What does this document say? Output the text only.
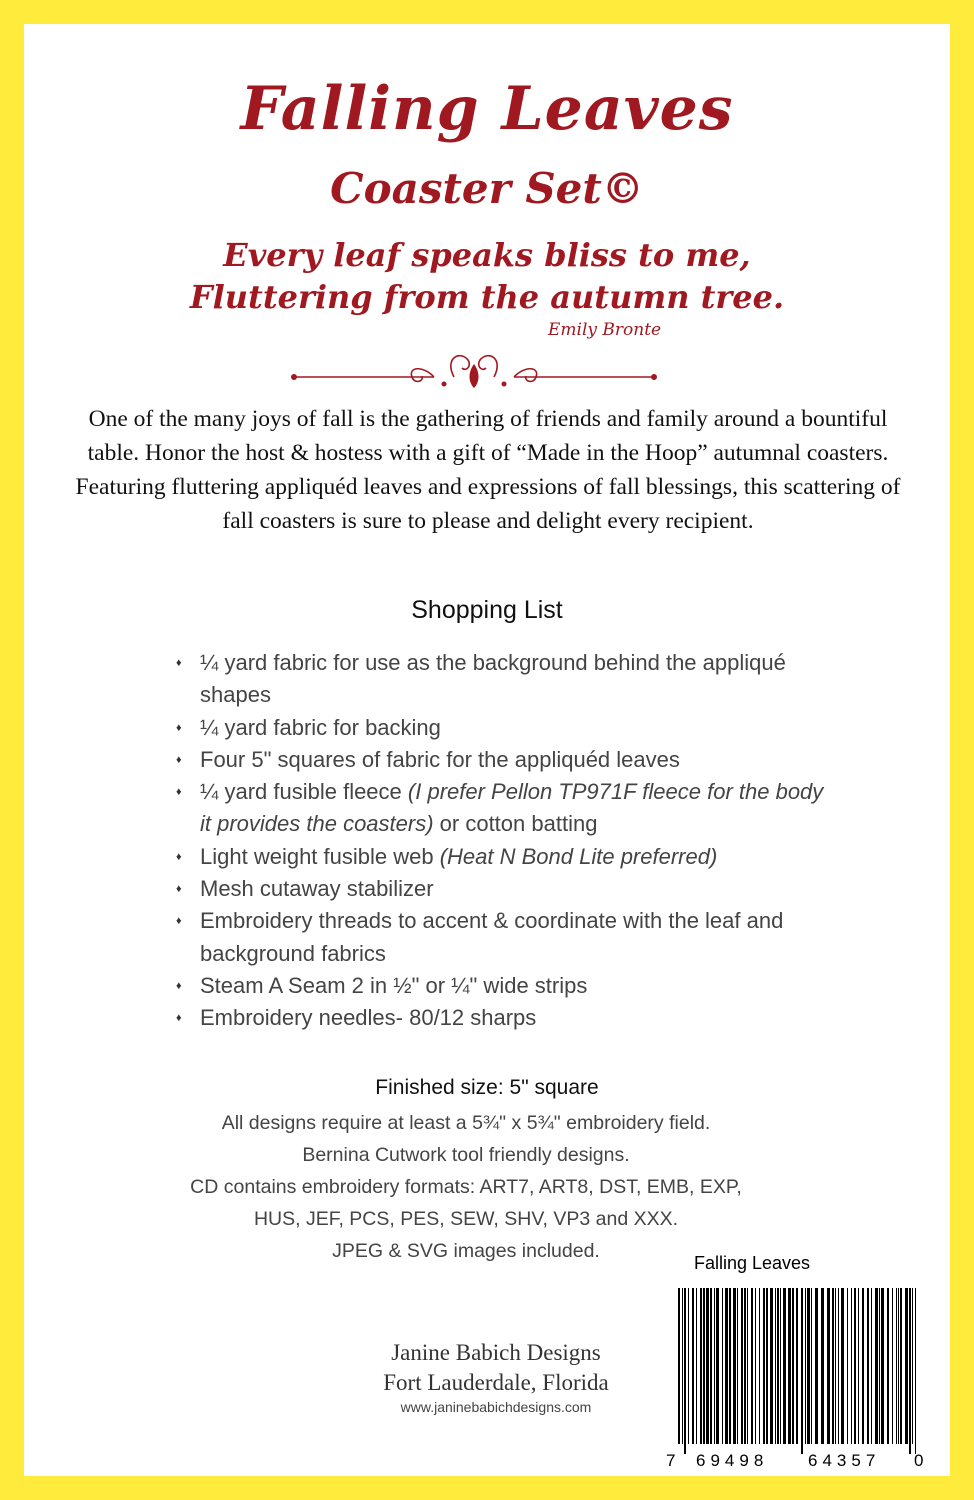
Falling Leaves
Coaster Set©
Every leaf speaks bliss to me,
Fluttering from the autumn tree.
Emily Bronte
One of the many joys of fall is the gathering of friends and family around a bountiful table. Honor the host & hostess with a gift of “Made in the Hoop” autumnal coasters. Featuring fluttering appliquéd leaves and expressions of fall blessings, this scattering of fall coasters is sure to please and delight every recipient.
Shopping List
♦ ¼ yard fabric for use as the background behind the appliqué shapes
♦ ¼ yard fabric for backing
♦ Four 5" squares of fabric for the appliquéd leaves
♦ ¼ yard fusible fleece (I prefer Pellon TP971F fleece for the body it provides the coasters) or cotton batting
♦ Light weight fusible web (Heat N Bond Lite preferred)
♦ Mesh cutaway stabilizer
♦ Embroidery threads to accent & coordinate with the leaf and background fabrics
♦ Steam A Seam 2 in ½" or ¼" wide strips
♦ Embroidery needles- 80/12 sharps
Finished size: 5" square
All designs require at least a 5¾" x 5¾" embroidery field.
Bernina Cutwork tool friendly designs.
CD contains embroidery formats: ART7, ART8, DST, EMB, EXP,
HUS, JEF, PCS, PES, SEW, SHV, VP3 and XXX.
JPEG & SVG images included.
Janine Babich Designs
Fort Lauderdale, Florida
www.janinebabichdesigns.com
Falling Leaves
7 69498 64357 0
